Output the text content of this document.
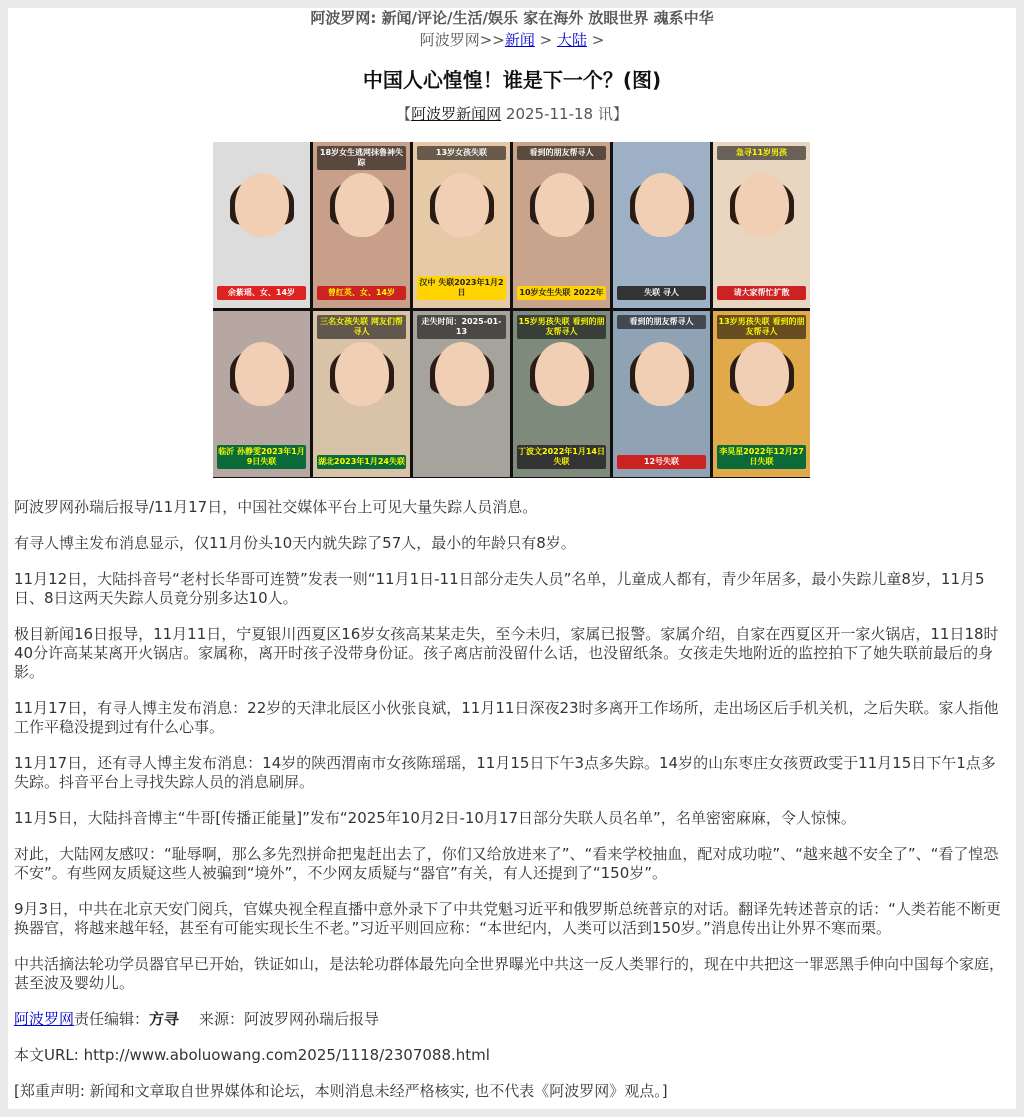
阿波罗网: 新闻/评论/生活/娱乐 家在海外 放眼世界 魂系中华
阿波罗网>>新闻 > 大陆 >
中国人心惶惶！谁是下一个？(图)
【阿波罗新闻网 2025-11-18 讯】
余紫瑶、女、14岁
18岁女生逃网抹鲁神失踪
曾红英、女、14岁
13岁女孩失联
汉中 失联2023年1月2日
看到的朋友帮寻人
10岁女生失联 2022年	失联 寻人
急寻11岁男孩
请大家帮忙扩散
临沂 孙静雯2023年1月9日失联
三名女孩失联 网友们帮寻人
湖北2023年1月24失联
走失时间：2025-01-13
15岁男孩失联 看到的朋友帮寻人
丁波文2022年1月14日失联
看到的朋友帮寻人
12号失联
13岁男孩失联 看到的朋友帮寻人
李昊星2022年12月27日失联

阿波罗网孙瑞后报导/11月17日，中国社交媒体平台上可见大量失踪人员消息。

有寻人博主发布消息显示，仅11月份头10天内就失踪了57人，最小的年龄只有8岁。

11月12日，大陆抖音号“老村长华哥可连赞”发表一则“11月1日-11日部分走失人员”名单，儿童成人都有，青少年居多，最小失踪儿童8岁，11月5日、8日这两天失踪人员竟分别多达10人。

极目新闻16日报导，11月11日，宁夏银川西夏区16岁女孩高某某走失，至今未归，家属已报警。家属介绍，自家在西夏区开一家火锅店，11日18时40分许高某某离开火锅店。家属称，离开时孩子没带身份证。孩子离店前没留什么话，也没留纸条。女孩走失地附近的监控拍下了她失联前最后的身影。

11月17日，有寻人博主发布消息：22岁的天津北辰区小伙张良斌，11月11日深夜23时多离开工作场所，走出场区后手机关机，之后失联。家人指他工作平稳没提到过有什么心事。

11月17日，还有寻人博主发布消息：14岁的陕西渭南市女孩陈瑶瑶，11月15日下午3点多失踪。14岁的山东枣庄女孩贾政雯于11月15日下午1点多失踪。抖音平台上寻找失踪人员的消息刷屏。

11月5日，大陆抖音博主“牛哥[传播正能量]”发布“2025年10月2日-10月17日部分失联人员名单”，名单密密麻麻，令人惊悚。

对此，大陆网友感叹：“耻辱啊，那么多先烈拼命把鬼赶出去了，你们又给放进来了”、“看来学校抽血，配对成功啦”、“越来越不安全了”、“看了惶恐不安”。有些网友质疑这些人被骗到“境外”，不少网友质疑与“器官”有关，有人还提到了“150岁”。

9月3日，中共在北京天安门阅兵，官媒央视全程直播中意外录下了中共党魁习近平和俄罗斯总统普京的对话。翻译先转述普京的话：“人类若能不断更换器官，将越来越年轻，甚至有可能实现长生不老。”习近平则回应称：“本世纪内，人类可以活到150岁。”消息传出让外界不寒而栗。

中共活摘法轮功学员器官早已开始，铁证如山，是法轮功群体最先向全世界曝光中共这一反人类罪行的，现在中共把这一罪恶黑手伸向中国每个家庭，甚至波及婴幼儿。

阿波罗网责任编辑：方寻 来源：阿波罗网孙瑞后报导

本文URL: http://www.aboluowang.com2025/1118/2307088.html

[郑重声明: 新闻和文章取自世界媒体和论坛，本则消息未经严格核实, 也不代表《阿波罗网》观点。]
